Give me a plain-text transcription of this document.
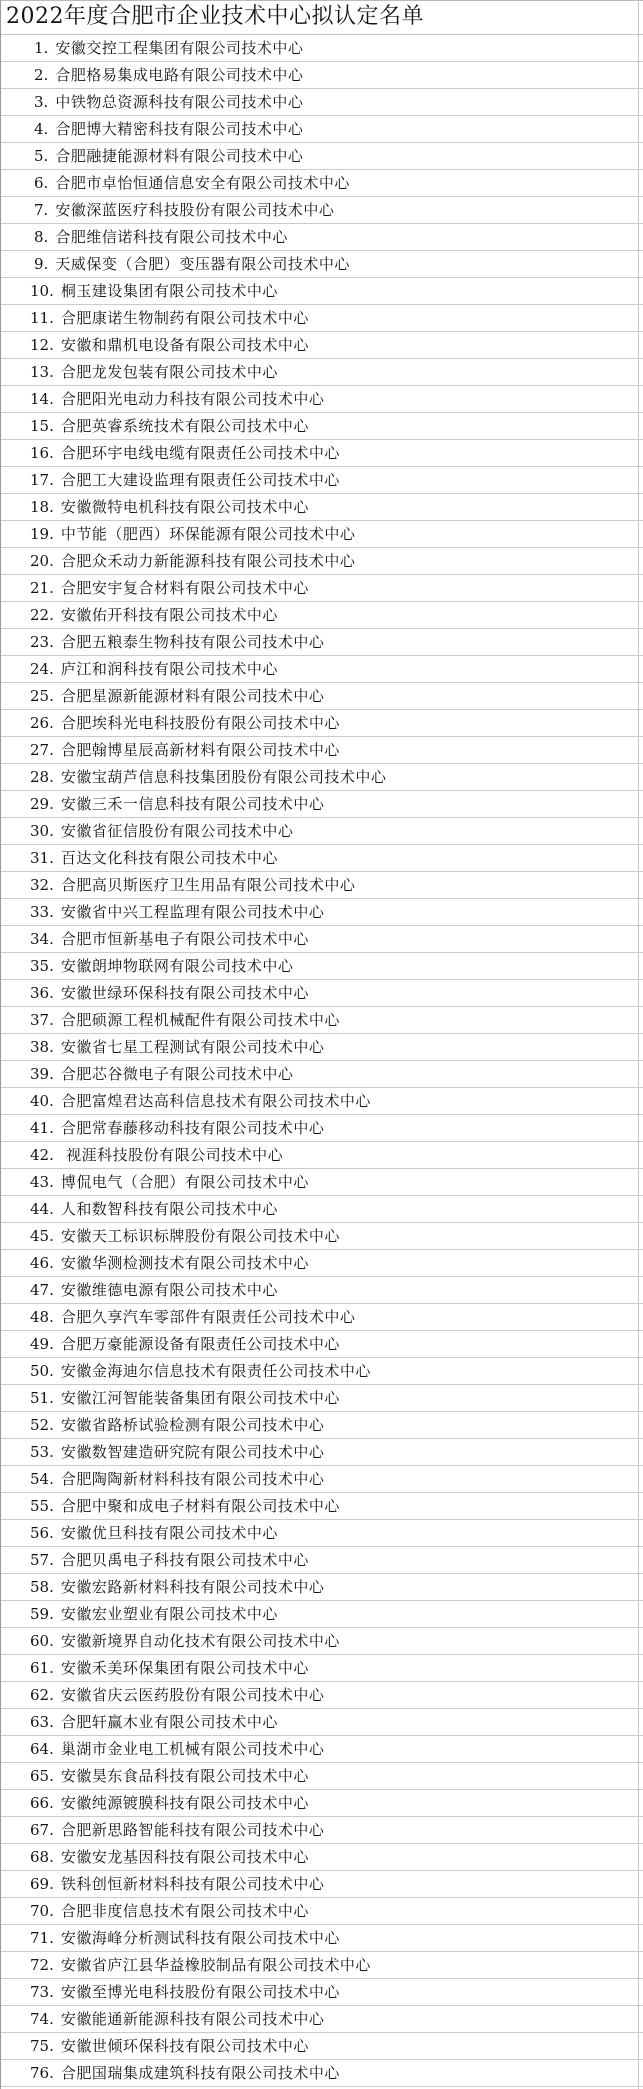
2022年度合肥市企业技术中心拟认定名单
1. 安徽交控工程集团有限公司技术中心
2. 合肥格易集成电路有限公司技术中心
3. 中铁物总资源科技有限公司技术中心
4. 合肥博大精密科技有限公司技术中心
5. 合肥融捷能源材料有限公司技术中心
6. 合肥市卓怡恒通信息安全有限公司技术中心
7. 安徽深蓝医疗科技股份有限公司技术中心
8. 合肥维信诺科技有限公司技术中心
9. 天威保变（合肥）变压器有限公司技术中心
10. 桐玉建设集团有限公司技术中心
11. 合肥康诺生物制药有限公司技术中心
12. 安徽和鼎机电设备有限公司技术中心
13. 合肥龙发包装有限公司技术中心
14. 合肥阳光电动力科技有限公司技术中心
15. 合肥英睿系统技术有限公司技术中心
16. 合肥环宇电线电缆有限责任公司技术中心
17. 合肥工大建设监理有限责任公司技术中心
18. 安徽微特电机科技有限公司技术中心
19. 中节能（肥西）环保能源有限公司技术中心
20. 合肥众禾动力新能源科技有限公司技术中心
21. 合肥安宇复合材料有限公司技术中心
22. 安徽佑开科技有限公司技术中心
23. 合肥五粮泰生物科技有限公司技术中心
24. 庐江和润科技有限公司技术中心
25. 合肥星源新能源材料有限公司技术中心
26. 合肥埃科光电科技股份有限公司技术中心
27. 合肥翰博星辰高新材料有限公司技术中心
28. 安徽宝葫芦信息科技集团股份有限公司技术中心
29. 安徽三禾一信息科技有限公司技术中心
30. 安徽省征信股份有限公司技术中心
31. 百达文化科技有限公司技术中心
32. 合肥高贝斯医疗卫生用品有限公司技术中心
33. 安徽省中兴工程监理有限公司技术中心
34. 合肥市恒新基电子有限公司技术中心
35. 安徽朗坤物联网有限公司技术中心
36. 安徽世绿环保科技有限公司技术中心
37. 合肥硕源工程机械配件有限公司技术中心
38. 安徽省七星工程测试有限公司技术中心
39. 合肥芯谷微电子有限公司技术中心
40. 合肥富煌君达高科信息技术有限公司技术中心
41. 合肥常春藤移动科技有限公司技术中心
42. 视涯科技股份有限公司技术中心
43. 博侃电气（合肥）有限公司技术中心
44. 人和数智科技有限公司技术中心
45. 安徽天工标识标牌股份有限公司技术中心
46. 安徽华测检测技术有限公司技术中心
47. 安徽维德电源有限公司技术中心
48. 合肥久享汽车零部件有限责任公司技术中心
49. 合肥万豪能源设备有限责任公司技术中心
50. 安徽金海迪尔信息技术有限责任公司技术中心
51. 安徽江河智能装备集团有限公司技术中心
52. 安徽省路桥试验检测有限公司技术中心
53. 安徽数智建造研究院有限公司技术中心
54. 合肥陶陶新材料科技有限公司技术中心
55. 合肥中聚和成电子材料有限公司技术中心
56. 安徽优旦科技有限公司技术中心
57. 合肥贝禹电子科技有限公司技术中心
58. 安徽宏路新材料科技有限公司技术中心
59. 安徽宏业塑业有限公司技术中心
60. 安徽新境界自动化技术有限公司技术中心
61. 安徽禾美环保集团有限公司技术中心
62. 安徽省庆云医药股份有限公司技术中心
63. 合肥轩赢木业有限公司技术中心
64. 巢湖市金业电工机械有限公司技术中心
65. 安徽昊东食品科技有限公司技术中心
66. 安徽纯源镀膜科技有限公司技术中心
67. 合肥新思路智能科技有限公司技术中心
68. 安徽安龙基因科技有限公司技术中心
69. 铁科创恒新材料科技有限公司技术中心
70. 合肥非度信息技术有限公司技术中心
71. 安徽海峰分析测试科技有限公司技术中心
72. 安徽省庐江县华益橡胶制品有限公司技术中心
73. 安徽至博光电科技股份有限公司技术中心
74. 安徽能通新能源科技有限公司技术中心
75. 安徽世倾环保科技有限公司技术中心
76. 合肥国瑞集成建筑科技有限公司技术中心
